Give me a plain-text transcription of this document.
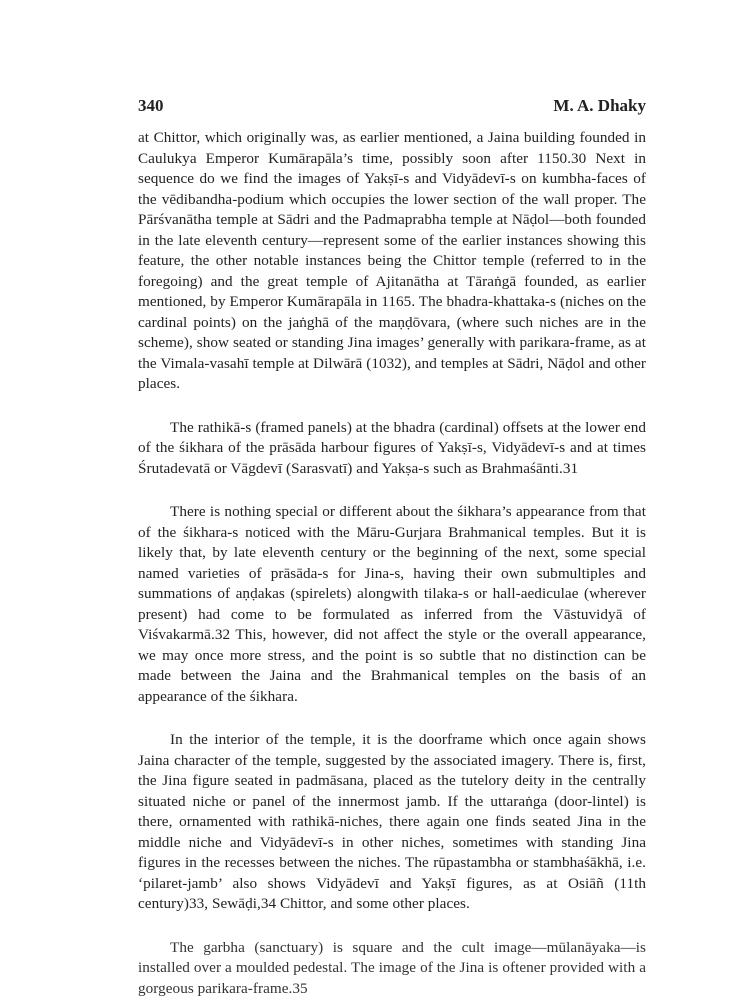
340	M. A. Dhaky

at Chittor, which originally was, as earlier mentioned, a Jaina building founded in Caulukya Emperor Kumārapāla’s time, possibly soon after 1150.30 Next in sequence do we find the images of Yakṣī-s and Vidyādevī-s on kumbha-faces of the vēdibandha-podium which occupies the lower section of the wall proper. The Pārśvanātha temple at Sādri and the Padmaprabha temple at Nāḍol—both founded in the late eleventh century—represent some of the earlier instances showing this feature, the other notable instances being the Chittor temple (referred to in the foregoing) and the great temple of Ajitanātha at Tāraṅgā founded, as earlier mentioned, by Emperor Kumārapāla in 1165. The bhadra-khattaka-s (niches on the cardinal points) on the jaṅghā of the maṇḍōvara, (where such niches are in the scheme), show seated or standing Jina images’ generally with parikara-frame, as at the Vimala-vasahī temple at Dilwārā (1032), and temples at Sādri, Nāḍol and other places.

The rathikā-s (framed panels) at the bhadra (cardinal) offsets at the lower end of the śikhara of the prāsāda harbour figures of Yakṣī-s, Vidyādevī-s and at times Śrutadevatā or Vāgdevī (Sarasvatī) and Yakṣa-s such as Brahmaśānti.31

There is nothing special or different about the śikhara’s appearance from that of the śikhara-s noticed with the Māru-Gurjara Brahmanical temples. But it is likely that, by late eleventh century or the beginning of the next, some special named varieties of prāsāda-s for Jina-s, having their own submultiples and summations of aṇḍakas (spirelets) alongwith tilaka-s or hall-aediculae (wherever present) had come to be formulated as inferred from the Vāstuvidyā of Viśvakarmā.32 This, however, did not affect the style or the overall appearance, we may once more stress, and the point is so subtle that no distinction can be made between the Jaina and the Brahmanical temples on the basis of an appearance of the śikhara.

In the interior of the temple, it is the doorframe which once again shows Jaina character of the temple, suggested by the associated imagery. There is, first, the Jina figure seated in padmāsana, placed as the tutelory deity in the centrally situated niche or panel of the innermost jamb. If the uttaraṅga (door-lintel) is there, ornamented with rathikā-niches, there again one finds seated Jina in the middle niche and Vidyādevī-s in other niches, sometimes with standing Jina figures in the recesses between the niches. The rūpastambha or stambhaśākhā, i.e. ‘pilaret-jamb’ also shows Vidyādevī and Yakṣī figures, as at Osiāñ (11th century)33, Sewāḍi,34 Chittor, and some other places.

The garbha (sanctuary) is square and the cult image—mūlanāyaka—is installed over a moulded pedestal. The image of the Jina is oftener provided with a gorgeous parikara-frame.35
